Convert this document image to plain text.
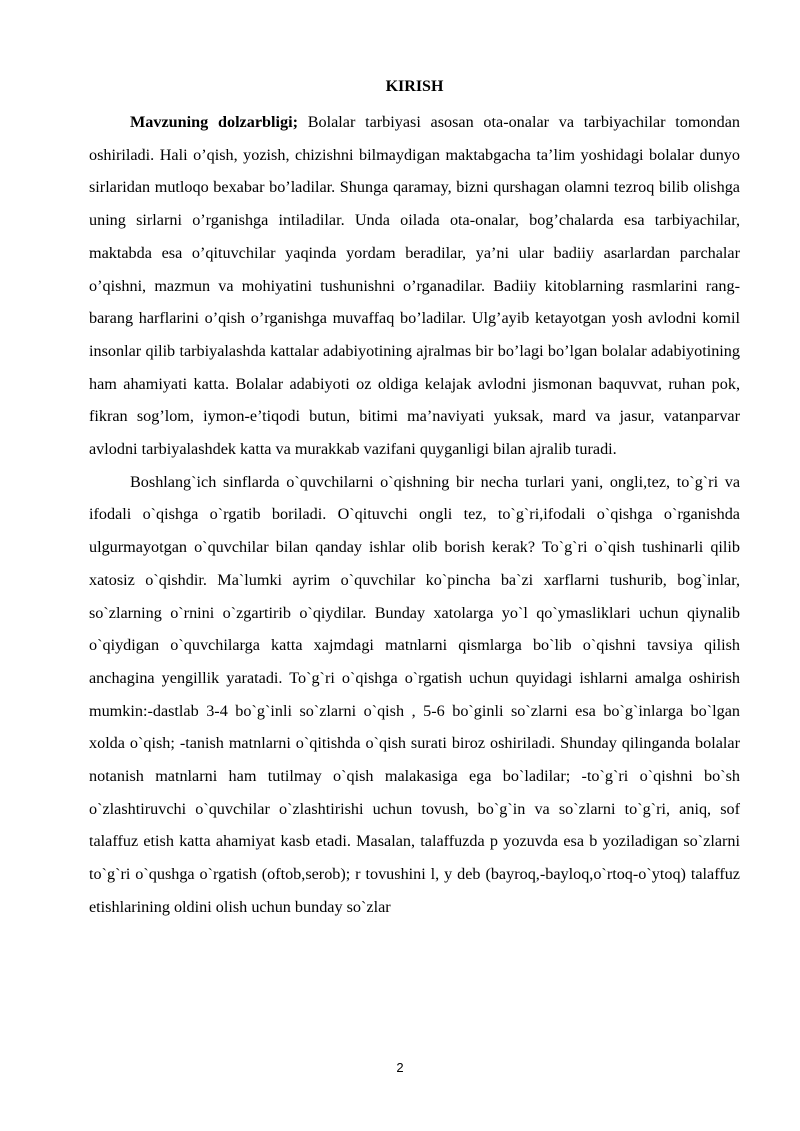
KIRISH

Mavzuning dolzarbligi; Bolalar tarbiyasi asosan ota-onalar va tarbiyachilar tomondan oshiriladi. Hali o’qish, yozish, chizishni bilmaydigan maktabgacha ta’lim yoshidagi bolalar dunyo sirlaridan mutloqo bexabar bo’ladilar. Shunga qaramay, bizni qurshagan olamni tezroq bilib olishga uning sirlarni o’rganishga intiladilar. Unda oilada ota-onalar, bog’chalarda esa tarbiyachilar, maktabda esa o’qituvchilar yaqinda yordam beradilar, ya’ni ular badiiy asarlardan parchalar o’qishni, mazmun va mohiyatini tushunishni o’rganadilar. Badiiy kitoblarning rasmlarini rang-barang harflarini o’qish o’rganishga muvaffaq bo’ladilar. Ulg’ayib ketayotgan yosh avlodni komil insonlar qilib tarbiyalashda kattalar adabiyotining ajralmas bir bo’lagi bo’lgan bolalar adabiyotining ham ahamiyati katta. Bolalar adabiyoti oz oldiga kelajak avlodni jismonan baquvvat, ruhan pok, fikran sog’lom, iymon-e’tiqodi butun, bitimi ma’naviyati yuksak, mard va jasur, vatanparvar avlodni tarbiyalashdek katta va murakkab vazifani quyganligi bilan ajralib turadi.

Boshlang`ich sinflarda o`quvchilarni o`qishning bir necha turlari yani, ongli,tez, to`g`ri va ifodali o`qishga o`rgatib boriladi. O`qituvchi ongli tez, to`g`ri,ifodali o`qishga o`rganishda ulgurmayotgan o`quvchilar bilan qanday ishlar olib borish kerak? To`g`ri o`qish tushinarli qilib xatosiz o`qishdir. Ma`lumki ayrim o`quvchilar ko`pincha ba`zi xarflarni tushurib, bog`inlar, so`zlarning o`rnini o`zgartirib o`qiydilar. Bunday xatolarga yo`l qo`ymasliklari uchun qiynalib o`qiydigan o`quvchilarga katta xajmdagi matnlarni qismlarga bo`lib o`qishni tavsiya qilish anchagina yengillik yaratadi. To`g`ri o`qishga o`rgatish uchun quyidagi ishlarni amalga oshirish mumkin:-dastlab 3-4 bo`g`inli so`zlarni o`qish , 5-6 bo`ginli so`zlarni esa bo`g`inlarga bo`lgan xolda o`qish; -tanish matnlarni o`qitishda o`qish surati biroz oshiriladi. Shunday qilinganda bolalar notanish matnlarni ham tutilmay o`qish malakasiga ega bo`ladilar; -to`g`ri o`qishni bo`sh o`zlashtiruvchi o`quvchilar o`zlashtirishi uchun tovush, bo`g`in va so`zlarni to`g`ri, aniq, sof talaffuz etish katta ahamiyat kasb etadi. Masalan, talaffuzda p yozuvda esa b yoziladigan so`zlarni to`g`ri o`qushga o`rgatish (oftob,serob); r tovushini l, y deb (bayroq,-bayloq,o`rtoq-o`ytoq) talaffuz etishlarining oldini olish uchun bunday so`zlar

2
